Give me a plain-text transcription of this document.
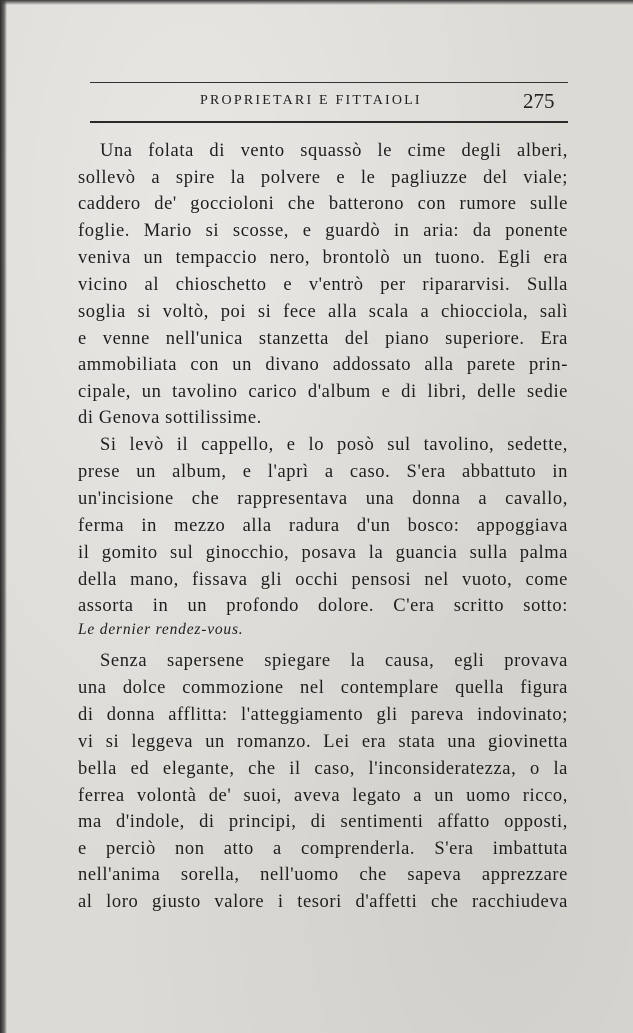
PROPRIETARI E FITTAIOLI	275
Una folata di vento squassò le cime degli alberi,
sollevò a spire la polvere e le pagliuzze del viale;
caddero de' goccioloni che batterono con rumore sulle
foglie. Mario si scosse, e guardò in aria: da ponente
veniva un tempaccio nero, brontolò un tuono. Egli era
vicino al chioschetto e v'entrò per ripararvisi. Sulla
soglia si voltò, poi si fece alla scala a chiocciola, salì
e venne nell'unica stanzetta del piano superiore. Era
ammobiliata con un divano addossato alla parete prin-
cipale, un tavolino carico d'album e di libri, delle sedie
di Genova sottilissime.
Si levò il cappello, e lo posò sul tavolino, sedette,
prese un album, e l'aprì a caso. S'era abbattuto in
un'incisione che rappresentava una donna a cavallo,
ferma in mezzo alla radura d'un bosco: appoggiava
il gomito sul ginocchio, posava la guancia sulla palma
della mano, fissava gli occhi pensosi nel vuoto, come
assorta in un profondo dolore. C'era scritto sotto:
Le dernier rendez-vous.
Senza sapersene spiegare la causa, egli provava
una dolce commozione nel contemplare quella figura
di donna afflitta: l'atteggiamento gli pareva indovinato;
vi si leggeva un romanzo. Lei era stata una giovinetta
bella ed elegante, che il caso, l'inconsideratezza, o la
ferrea volontà de' suoi, aveva legato a un uomo ricco,
ma d'indole, di principi, di sentimenti affatto opposti,
e perciò non atto a comprenderla. S'era imbattuta
nell'anima sorella, nell'uomo che sapeva apprezzare
al loro giusto valore i tesori d'affetti che racchiudeva
